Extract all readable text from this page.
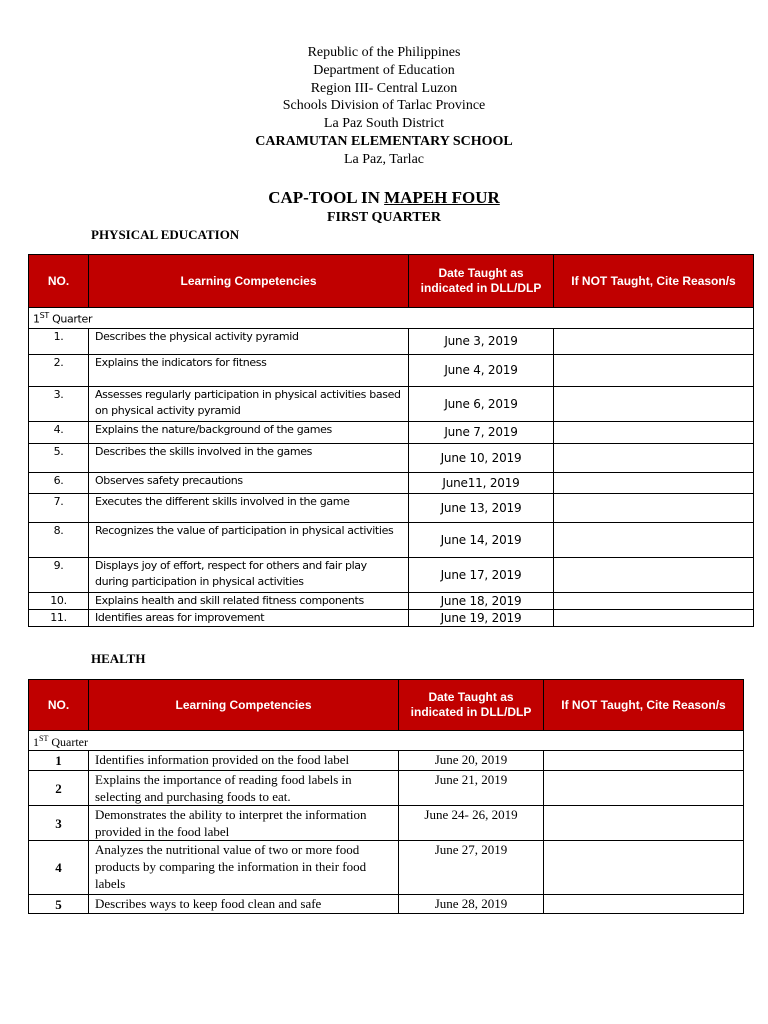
Republic of the Philippines
Department of Education
Region III- Central Luzon
Schools Division of Tarlac Province
La Paz South District
CARAMUTAN ELEMENTARY SCHOOL
La Paz, Tarlac
CAP-TOOL IN MAPEH FOUR
FIRST QUARTER
PHYSICAL EDUCATION
NO.	Learning Competencies	Date Taught as indicated in DLL/DLP	If NOT Taught, Cite Reason/s
1ST Quarter			
1.	Describes the physical activity pyramid	June 3, 2019	
2.	Explains the indicators for fitness	June 4, 2019	
3.	Assesses regularly participation in physical activities based on physical activity pyramid	June 6, 2019	
4.	Explains the nature/background of the games	June 7, 2019	
5.	Describes the skills involved in the games	June 10, 2019	
6.	Observes safety precautions	June11, 2019	
7.	Executes the different skills involved in the game	June 13, 2019	
8.	Recognizes the value of participation in physical activities	June 14, 2019	
9.	Displays joy of effort, respect for others and fair play during participation in physical activities	June 17, 2019	
10.	Explains health and skill related fitness components	June 18, 2019	
11.	Identifies areas for improvement	June 19, 2019	
HEALTH
NO.	Learning Competencies	Date Taught as indicated in DLL/DLP	If NOT Taught, Cite Reason/s
1ST Quarter			
1	Identifies information provided on the food label	June 20, 2019	
2	Explains the importance of reading food labels in selecting and purchasing foods to eat.	June 21, 2019	
3	Demonstrates the ability to interpret the information provided in the food label	June 24- 26, 2019	
4	Analyzes the nutritional value of two or more food products by comparing the information in their food labels	June 27, 2019	
5	Describes ways to keep food clean and safe	June 28, 2019	
